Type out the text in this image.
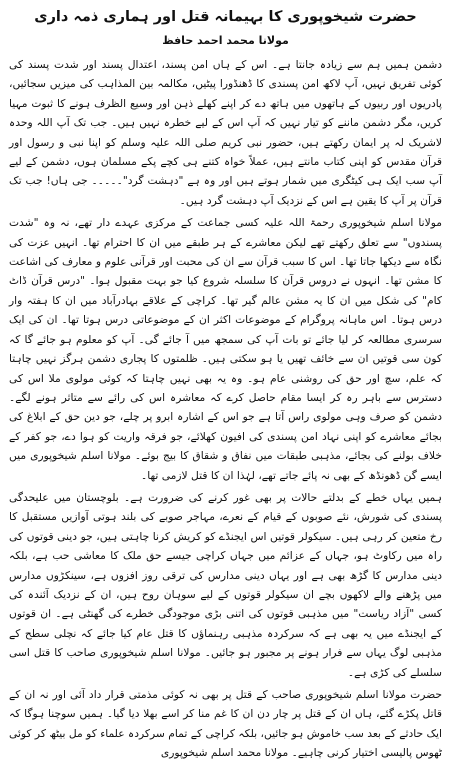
حضرت شیخوپوری کا بہیمانہ قتل اور ہماری ذمہ داری
مولانا محمد احمد حافظ

دشمن ہمیں ہم سے زیادہ جانتا ہے۔ اس کے ہاں امن پسند، اعتدال پسند اور شدت پسند کی کوئی تفریق نہیں، آپ لاکھ امن پسندی کا ڈھنڈورا پیٹیں، مکالمہ بین المذاہب کی میزیں سجائیں، پادریوں اور ربیوں کے ہاتھوں میں ہاتھ دے کر اپنے کھلے ذہن اور وسیع الظرف ہونے کا ثبوت مہیا کریں، مگر دشمن ماننے کو تیار نہیں کہ آپ اس کے لیے خطرہ نہیں ہیں۔ جب تک آپ اللہ وحدہ لاشریک لہ پر ایمان رکھتے ہیں، حضور نبی کریم صلی اللہ علیہ وسلم کو اپنا نبی و رسول اور قرآن مقدس کو اپنی کتاب مانتے ہیں، عملاً خواہ کتنے ہی کچے پکے مسلمان ہوں، دشمن کے لیے آپ سب ایک ہی کیٹگری میں شمار ہوتے ہیں اور وہ ہے "دہشت گرد"۔۔۔۔۔ جی ہاں! جب تک قرآن پر آپ کا یقین ہے اس کے نزدیک آپ دہشت گرد ہیں۔

مولانا اسلم شیخوپوری رحمۃ اللہ علیہ کسی جماعت کے مرکزی عہدے دار تھے، نہ وہ "شدت پسندوں" سے تعلق رکھتے تھے لیکن معاشرے کے ہر طبقے میں ان کا احترام تھا۔ انہیں عزت کی نگاہ سے دیکھا جاتا تھا۔ اس کا سبب قرآن سے ان کی محبت اور قرآنی علوم و معارف کی اشاعت کا مشن تھا۔ انہوں نے دروس قرآن کا سلسلہ شروع کیا جو بہت مقبول ہوا۔ "درس قرآن ڈاٹ کام" کی شکل میں ان کا یہ مشن عالم گیر تھا۔ کراچی کے علاقے بہادرآباد میں ان کا ہفتہ وار درس ہوتا۔ اس ماہانہ پروگرام کے موضوعات اکثر ان کے موضوعاتی درس ہوتا تھا۔ ان کی ایک سرسری مطالعہ کر لیا جائے تو بات آپ کی سمجھ میں آ جائے گی۔ آپ کو معلوم ہو جائے گا کہ کون سی قوتیں ان سے خائف تھیں یا ہو سکتی ہیں۔ ظلمتوں کا پجاری دشمن ہرگز نہیں چاہتا کہ علم، سچ اور حق کی روشنی عام ہو۔ وہ یہ بھی نہیں چاہتا کہ کوئی مولوی ملا اس کی دسترس سے باہر رہ کر ایسا مقام حاصل کرے کہ معاشرہ اس کی رائے سے متاثر ہونے لگے۔ دشمن کو صرف وہی مولوی راس آتا ہے جو اس کے اشارہ ابرو پر چلے، جو دین حق کے ابلاغ کی بجائے معاشرے کو اپنی نہاد امن پسندی کی افیون کھلائے، جو فرقہ واریت کو ہوا دے، جو کفر کے خلاف بولنے کی بجائے، مذہبی طبقات میں نفاق و شقاق کا بیج بوئے۔ مولانا اسلم شیخوپوری میں ایسے گن ڈھونڈھ کے بھی نہ پائے جاتے تھے، لہٰذا ان کا قتل لازمی تھا۔

ہمیں یہاں خطے کے بدلتے حالات پر بھی غور کرنے کی ضرورت ہے۔ بلوچستان میں علیحدگی پسندی کی شورش، نئے صوبوں کے قیام کے نعرے، مہاجر صوبے کی بلند ہوتی آوازیں مستقبل کا رخ متعین کر رہی ہیں۔ سیکولر قوتیں اس ایجنڈے کو کریش کرنا چاہتی ہیں، جو دینی قوتوں کی راہ میں رکاوٹ ہو، جہاں کے عزائم میں جہاں کراچی جیسے حق ملک کا معاشی حب ہے، بلکہ دینی مدارس کا گڑھ بھی ہے اور یہاں دینی مدارس کی ترقی روز افزوں ہے، سینکڑوں مدارس میں پڑھنے والے لاکھوں بچے ان سیکولر قوتوں کے لیے سوہان روح ہیں، ان کے نزدیک آئندہ کی کسی "آزاد ریاست" میں مذہبی قوتوں کی اتنی بڑی موجودگی خطرے کی گھنٹی ہے۔ ان قوتوں کے ایجنڈے میں یہ بھی ہے کہ سرکردہ مذہبی رہنماؤں کا قتل عام کیا جائے کہ نچلی سطح کے مذہبی لوگ یہاں سے فرار ہونے پر مجبور ہو جائیں۔ مولانا اسلم شیخوپوری صاحب کا قتل اسی سلسلے کی کڑی ہے۔

حضرت مولانا اسلم شیخوپوری صاحب کے قتل پر بھی نہ کوئی مذمتی قرار داد آئی اور نہ ان کے قاتل پکڑے گئے، ہاں ان کے قتل پر چار دن ان کا غم منا کر اسے بھلا دیا گیا۔ ہمیں سوچنا ہوگا کہ ایک حادثے کے بعد سب خاموش ہو جائیں، بلکہ کراچی کے تمام سرکردہ علماء کو مل بیٹھ کر کوئی ٹھوس پالیسی اختیار کرنی چاہیے۔ مولانا محمد اسلم شیخوپوری
